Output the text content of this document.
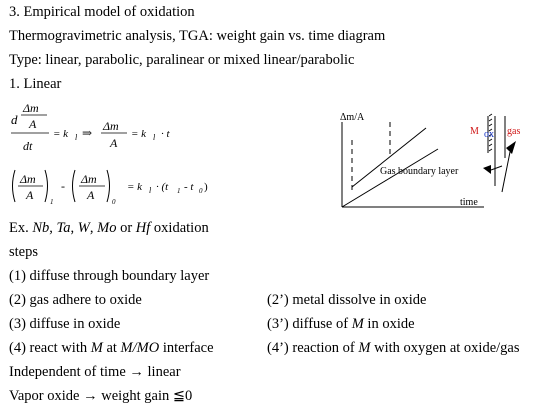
3. Empirical model of oxidation
Thermogravimetric analysis, TGA: weight gain vs. time diagram
Type: linear, parabolic, paralinear or mixed linear/parabolic
1. Linear
d
Δm
A
dt
= k l ⇒ Δm
A
= k l · t
Δm
A 1
- Δm
A	0
= k l · (t 1 - t 0 )
Δm/A
time
Gas boundary layer
M ox gas
Ex. Nb, Ta, W, Mo or Hf oxidation
steps
(1) diffuse through boundary layer
(2) gas adhere to oxide
(3) diffuse in oxide
(4) react with M at M/MO interface
(2’) metal dissolve in oxide
(3’) diffuse of M in oxide
(4’) reaction of M with oxygen at oxide/gas
Independent of time → linear
Vapor oxide → weight gain ≦0
